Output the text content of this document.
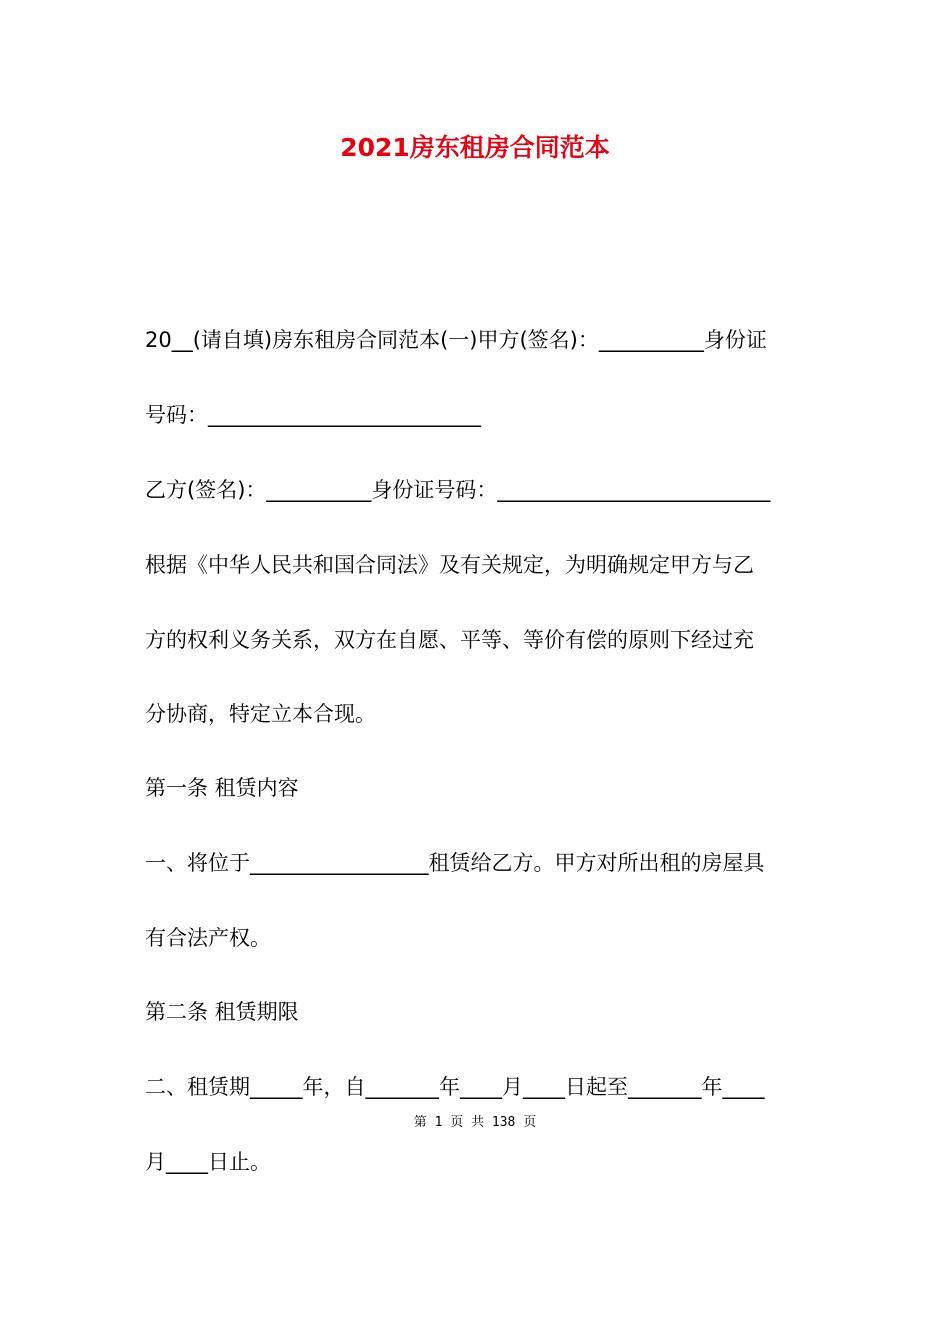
2021房东租房合同范本
20__(请自填)房东租房合同范本(一)甲方(签名)：__________身份证
号码：__________________________
乙方(签名)：__________身份证号码：__________________________
根据《中华人民共和国合同法》及有关规定，为明确规定甲方与乙
方的权利义务关系，双方在自愿、平等、等价有偿的原则下经过充
分协商，特定立本合现。
第一条 租赁内容
一、将位于_________________租赁给乙方。甲方对所出租的房屋具
有合法产权。
第二条 租赁期限
二、租赁期_____年，自_______年____月____日起至_______年____
月____日止。
第 1 页 共 138 页
